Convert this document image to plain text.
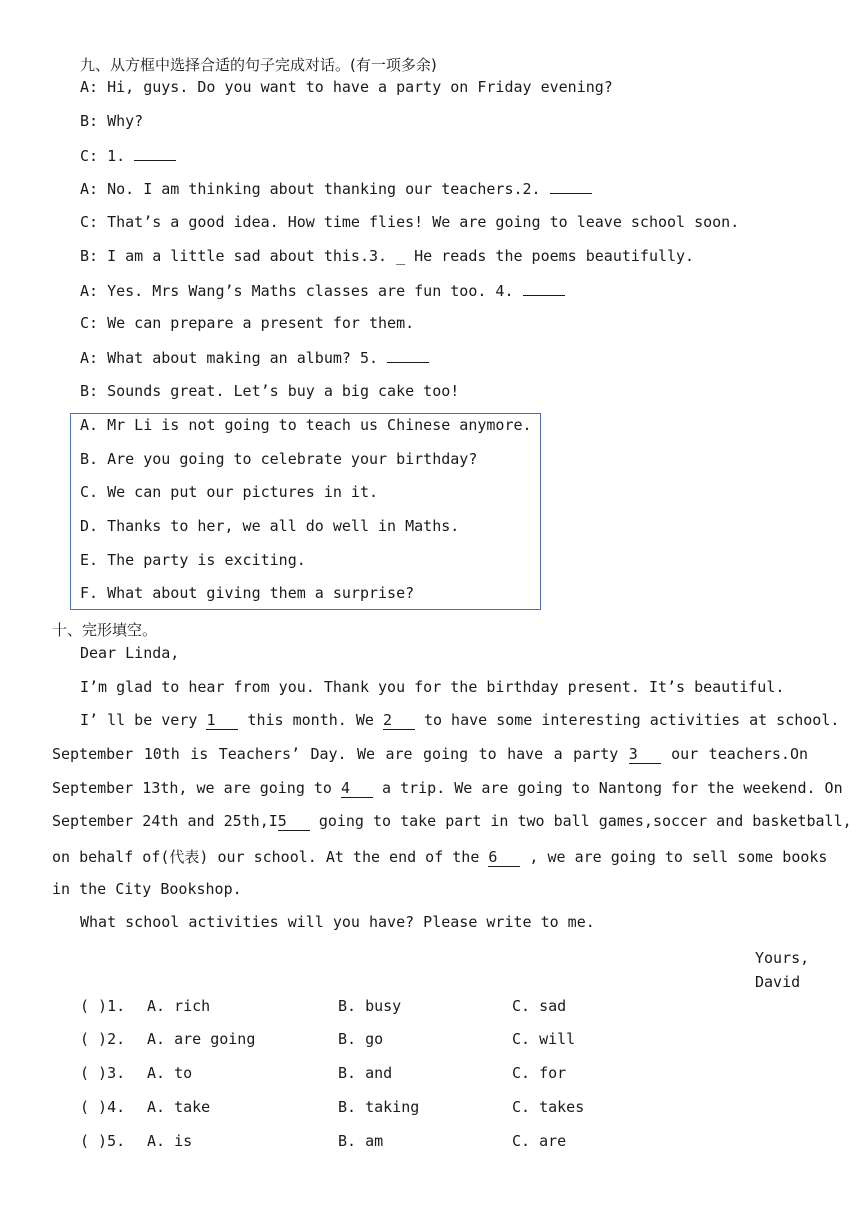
九、从方框中选择合适的句子完成对话。(有一项多余)
A: Hi, guys. Do you want to have a party on Friday evening?
B: Why?
C: 1.
A: No. I am thinking about thanking our teachers.2.
C: That’s a good idea. How time flies! We are going to leave school soon.
B: I am a little sad about this.3. _ He reads the poems beautifully.
A: Yes. Mrs Wang’s Maths classes are fun too. 4.
C: We can prepare a present for them.
A: What about making an album? 5.
B: Sounds great. Let’s buy a big cake too!
A. Mr Li is not going to teach us Chinese anymore.
B. Are you going to celebrate your birthday?
C. We can put our pictures in it.
D. Thanks to her, we all do well in Maths.
E. The party is exciting.
F. What about giving them a surprise?
十、完形填空。
Dear Linda,
I’m glad to hear from you. Thank you for the birthday present. It’s beautiful.
I’ ll be very 1 this month. We 2 to have some interesting activities at school.
September 10th is Teachers’ Day. We are going to have a party 3 our teachers.On
September 13th, we are going to 4 a trip. We are going to Nantong for the weekend. On
September 24th and 25th,I5 going to take part in two ball games,soccer and basketball,
on behalf of(代表) our school. At the end of the 6 , we are going to sell some books
in the City Bookshop.
What school activities will you have? Please write to me.
Yours,
David
( )1. A. rich	B. busy	C. sad
( )2. A. are going	B. go	C. will
( )3. A. to	B. and	C. for
( )4. A. take	B. taking	C. takes
( )5. A. is	B. am	C. are
